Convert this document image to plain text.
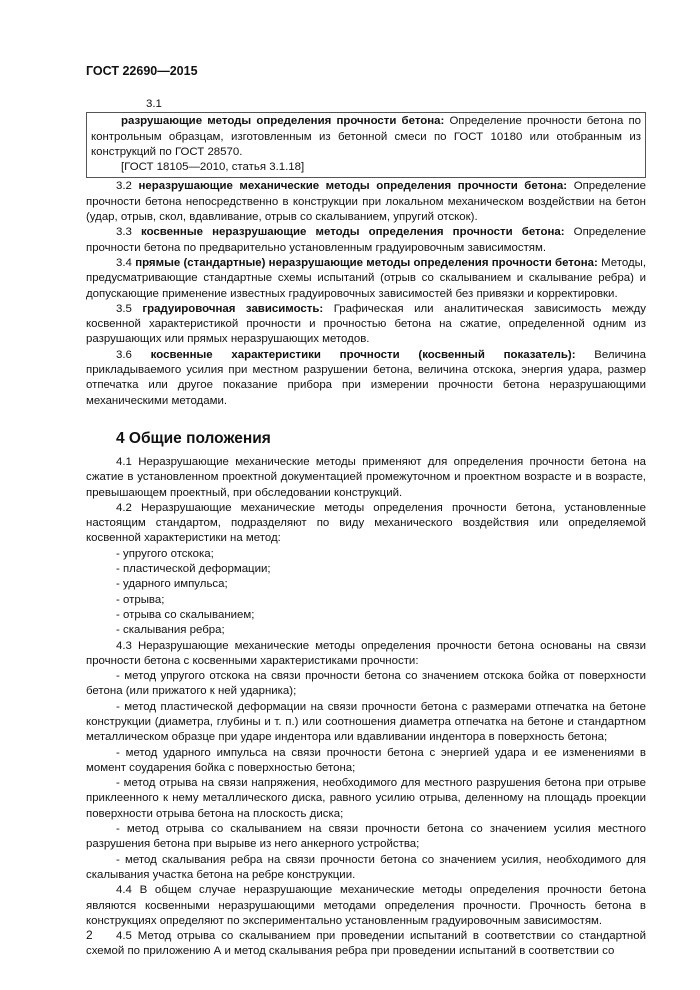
ГОСТ 22690—2015

3.1

разрушающие методы определения прочности бетона: Определение прочности бетона по контрольным образцам, изготовленным из бетонной смеси по ГОСТ 10180 или отобранным из конструкций по ГОСТ 28570.

[ГОСТ 18105—2010, статья 3.1.18]

3.2 неразрушающие механические методы определения прочности бетона: Определение прочности бетона непосредственно в конструкции при локальном механическом воздействии на бетон (удар, отрыв, скол, вдавливание, отрыв со скалыванием, упругий отскок).

3.3 косвенные неразрушающие методы определения прочности бетона: Определение прочности бетона по предварительно установленным градуировочным зависимостям.

3.4 прямые (стандартные) неразрушающие методы определения прочности бетона: Методы, предусматривающие стандартные схемы испытаний (отрыв со скалыванием и скалывание ребра) и допускающие применение известных градуировочных зависимостей без привязки и корректировки.

3.5 градуировочная зависимость: Графическая или аналитическая зависимость между косвенной характеристикой прочности и прочностью бетона на сжатие, определенной одним из разрушающих или прямых неразрушающих методов.

3.6 косвенные характеристики прочности (косвенный показатель): Величина прикладываемого усилия при местном разрушении бетона, величина отскока, энергия удара, размер отпечатка или другое показание прибора при измерении прочности бетона неразрушающими механическими методами.

4 Общие положения

4.1 Неразрушающие механические методы применяют для определения прочности бетона на сжатие в установленном проектной документацией промежуточном и проектном возрасте и в возрасте, превышающем проектный, при обследовании конструкций.

4.2 Неразрушающие механические методы определения прочности бетона, установленные настоящим стандартом, подразделяют по виду механического воздействия или определяемой косвенной характеристики на метод:

- упругого отскока;

- пластической деформации;

- ударного импульса;

- отрыва;

- отрыва со скалыванием;

- скалывания ребра;

4.3 Неразрушающие механические методы определения прочности бетона основаны на связи прочности бетона с косвенными характеристиками прочности:

- метод упругого отскока на связи прочности бетона со значением отскока бойка от поверхности бетона (или прижатого к ней ударника);

- метод пластической деформации на связи прочности бетона с размерами отпечатка на бетоне конструкции (диаметра, глубины и т. п.) или соотношения диаметра отпечатка на бетоне и стандартном металлическом образце при ударе индентора или вдавливании индентора в поверхность бетона;

- метод ударного импульса на связи прочности бетона с энергией удара и ее изменениями в момент соударения бойка с поверхностью бетона;

- метод отрыва на связи напряжения, необходимого для местного разрушения бетона при отрыве приклеенного к нему металлического диска, равного усилию отрыва, деленному на площадь проекции поверхности отрыва бетона на плоскость диска;

- метод отрыва со скалыванием на связи прочности бетона со значением усилия местного разрушения бетона при вырыве из него анкерного устройства;

- метод скалывания ребра на связи прочности бетона со значением усилия, необходимого для скалывания участка бетона на ребре конструкции.

4.4 В общем случае неразрушающие механические методы определения прочности бетона являются косвенными неразрушающими методами определения прочности. Прочность бетона в конструкциях определяют по экспериментально установленным градуировочным зависимостям.

4.5 Метод отрыва со скалыванием при проведении испытаний в соответствии со стандартной схемой по приложению А и метод скалывания ребра при проведении испытаний в соответствии со

2
